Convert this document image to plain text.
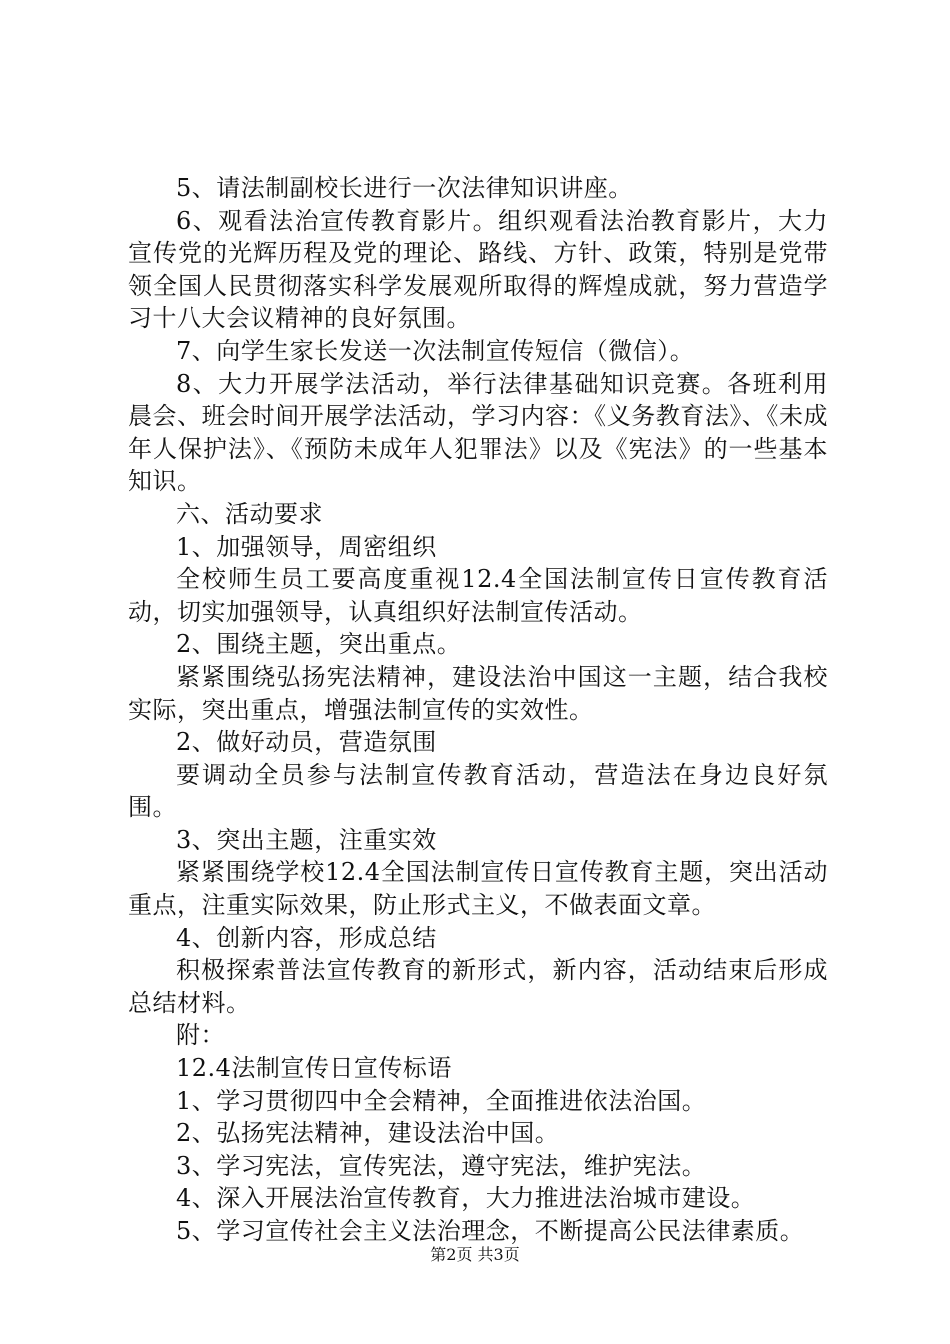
5、请法制副校长进行一次法律知识讲座。

6、观看法治宣传教育影片。组织观看法治教育影片，大力宣传党的光辉历程及党的理论、路线、方针、政策，特别是党带领全国人民贯彻落实科学发展观所取得的辉煌成就，努力营造学习十八大会议精神的良好氛围。

7、向学生家长发送一次法制宣传短信（微信）。

8、大力开展学法活动，举行法律基础知识竞赛。各班利用晨会、班会时间开展学法活动，学习内容：《义务教育法》、《未成年人保护法》、《预防未成年人犯罪法》以及《宪法》的一些基本知识。

六、活动要求

1、加强领导，周密组织

全校师生员工要高度重视12.4全国法制宣传日宣传教育活动，切实加强领导，认真组织好法制宣传活动。

2、围绕主题，突出重点。

紧紧围绕弘扬宪法精神，建设法治中国这一主题，结合我校实际，突出重点，增强法制宣传的实效性。

2、做好动员，营造氛围

要调动全员参与法制宣传教育活动，营造法在身边良好氛围。

3、突出主题，注重实效

紧紧围绕学校12.4全国法制宣传日宣传教育主题，突出活动重点，注重实际效果，防止形式主义，不做表面文章。

4、创新内容，形成总结

积极探索普法宣传教育的新形式，新内容，活动结束后形成总结材料。

附：

12.4法制宣传日宣传标语

1、学习贯彻四中全会精神，全面推进依法治国。

2、弘扬宪法精神，建设法治中国。

3、学习宪法，宣传宪法，遵守宪法，维护宪法。

4、深入开展法治宣传教育，大力推进法治城市建设。

5、学习宣传社会主义法治理念，不断提高公民法律素质。

第2页 共3页
